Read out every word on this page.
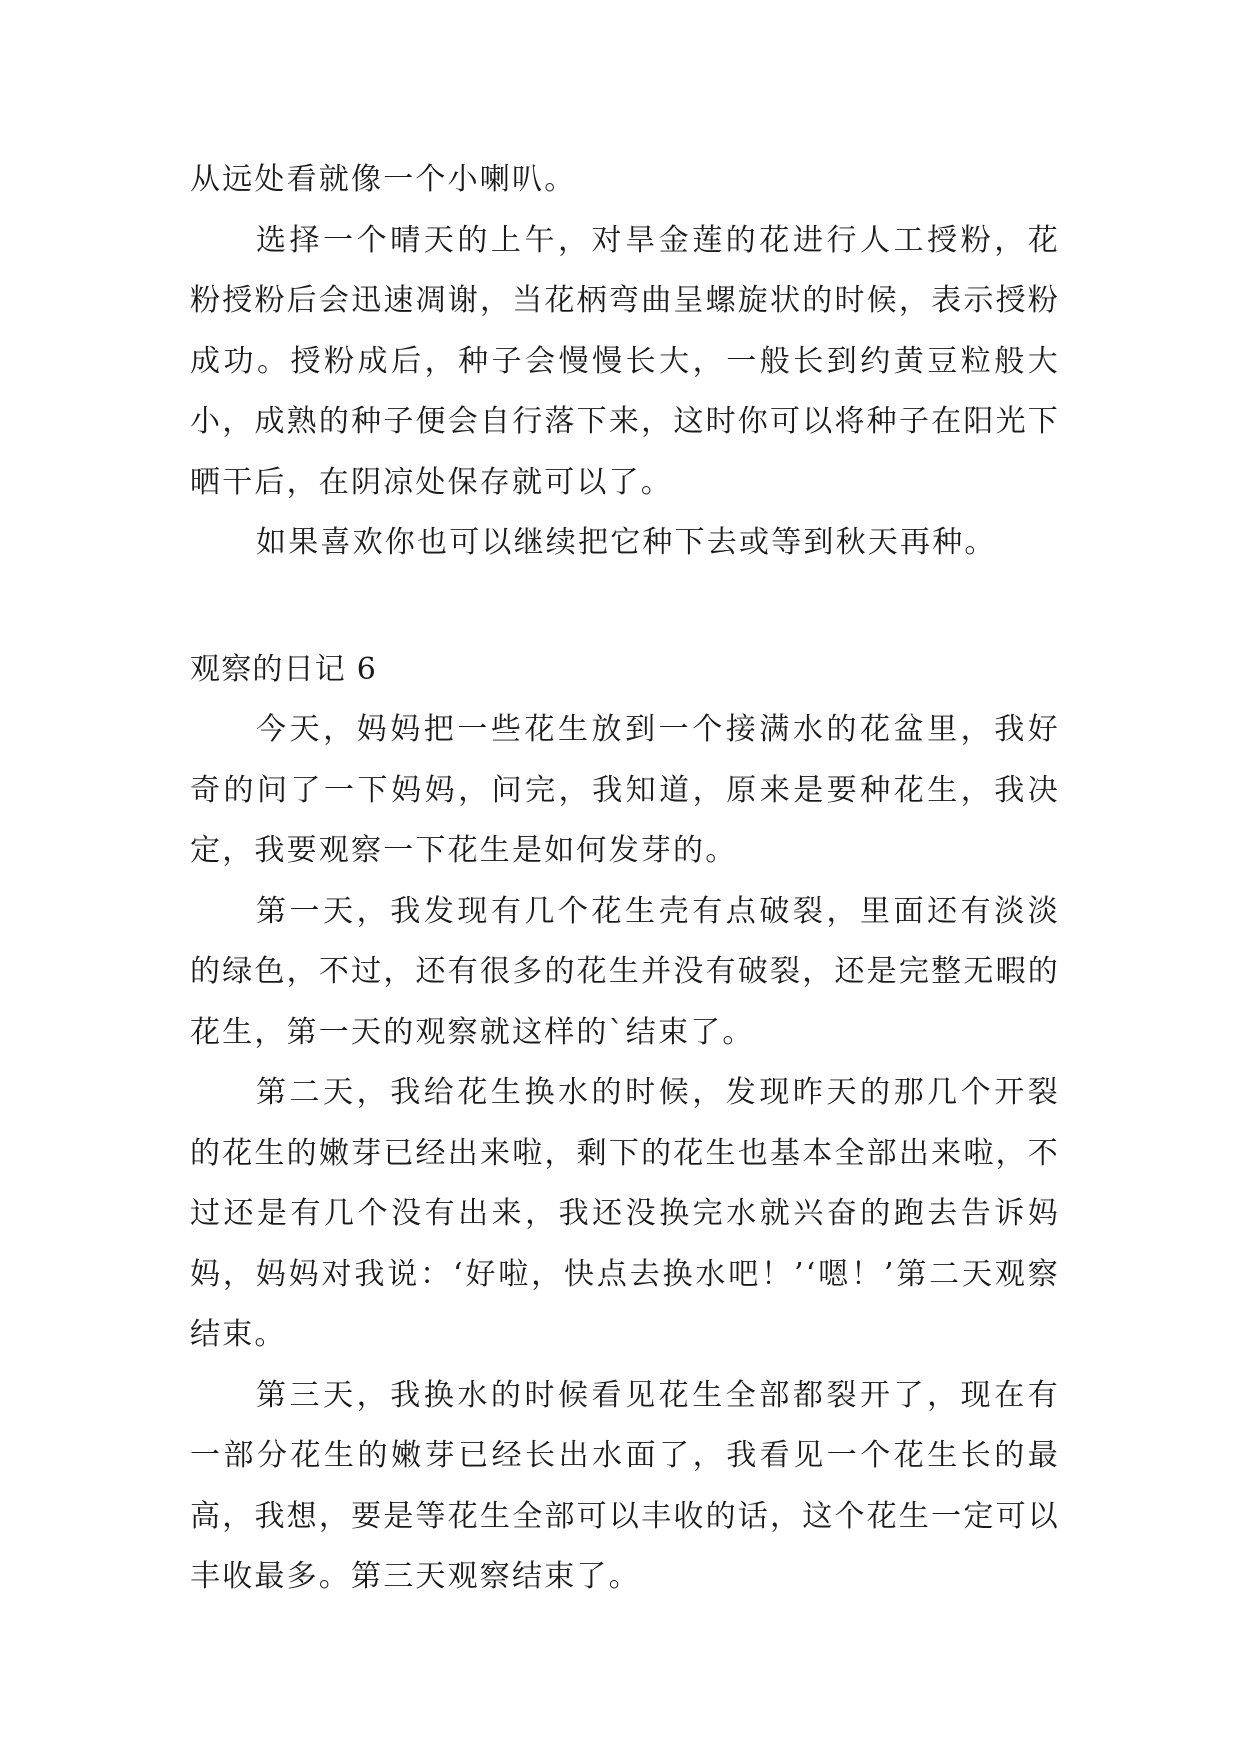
从远处看就像一个小喇叭。

选择一个晴天的上午，对旱金莲的花进行人工授粉，花粉授粉后会迅速凋谢，当花柄弯曲呈螺旋状的时候，表示授粉成功。授粉成后，种子会慢慢长大，一般长到约黄豆粒般大小，成熟的种子便会自行落下来，这时你可以将种子在阳光下晒干后，在阴凉处保存就可以了。

如果喜欢你也可以继续把它种下去或等到秋天再种。

观察的日记 6

今天，妈妈把一些花生放到一个接满水的花盆里，我好奇的问了一下妈妈，问完，我知道，原来是要种花生，我决定，我要观察一下花生是如何发芽的。

第一天，我发现有几个花生壳有点破裂，里面还有淡淡的绿色，不过，还有很多的花生并没有破裂，还是完整无暇的花生，第一天的观察就这样的`结束了。

第二天，我给花生换水的时候，发现昨天的那几个开裂的花生的嫩芽已经出来啦，剩下的花生也基本全部出来啦，不过还是有几个没有出来，我还没换完水就兴奋的跑去告诉妈妈，妈妈对我说：‘好啦，快点去换水吧！’‘嗯！’第二天观察结束。

第三天，我换水的时候看见花生全部都裂开了，现在有一部分花生的嫩芽已经长出水面了，我看见一个花生长的最高，我想，要是等花生全部可以丰收的话，这个花生一定可以丰收最多。第三天观察结束了。
